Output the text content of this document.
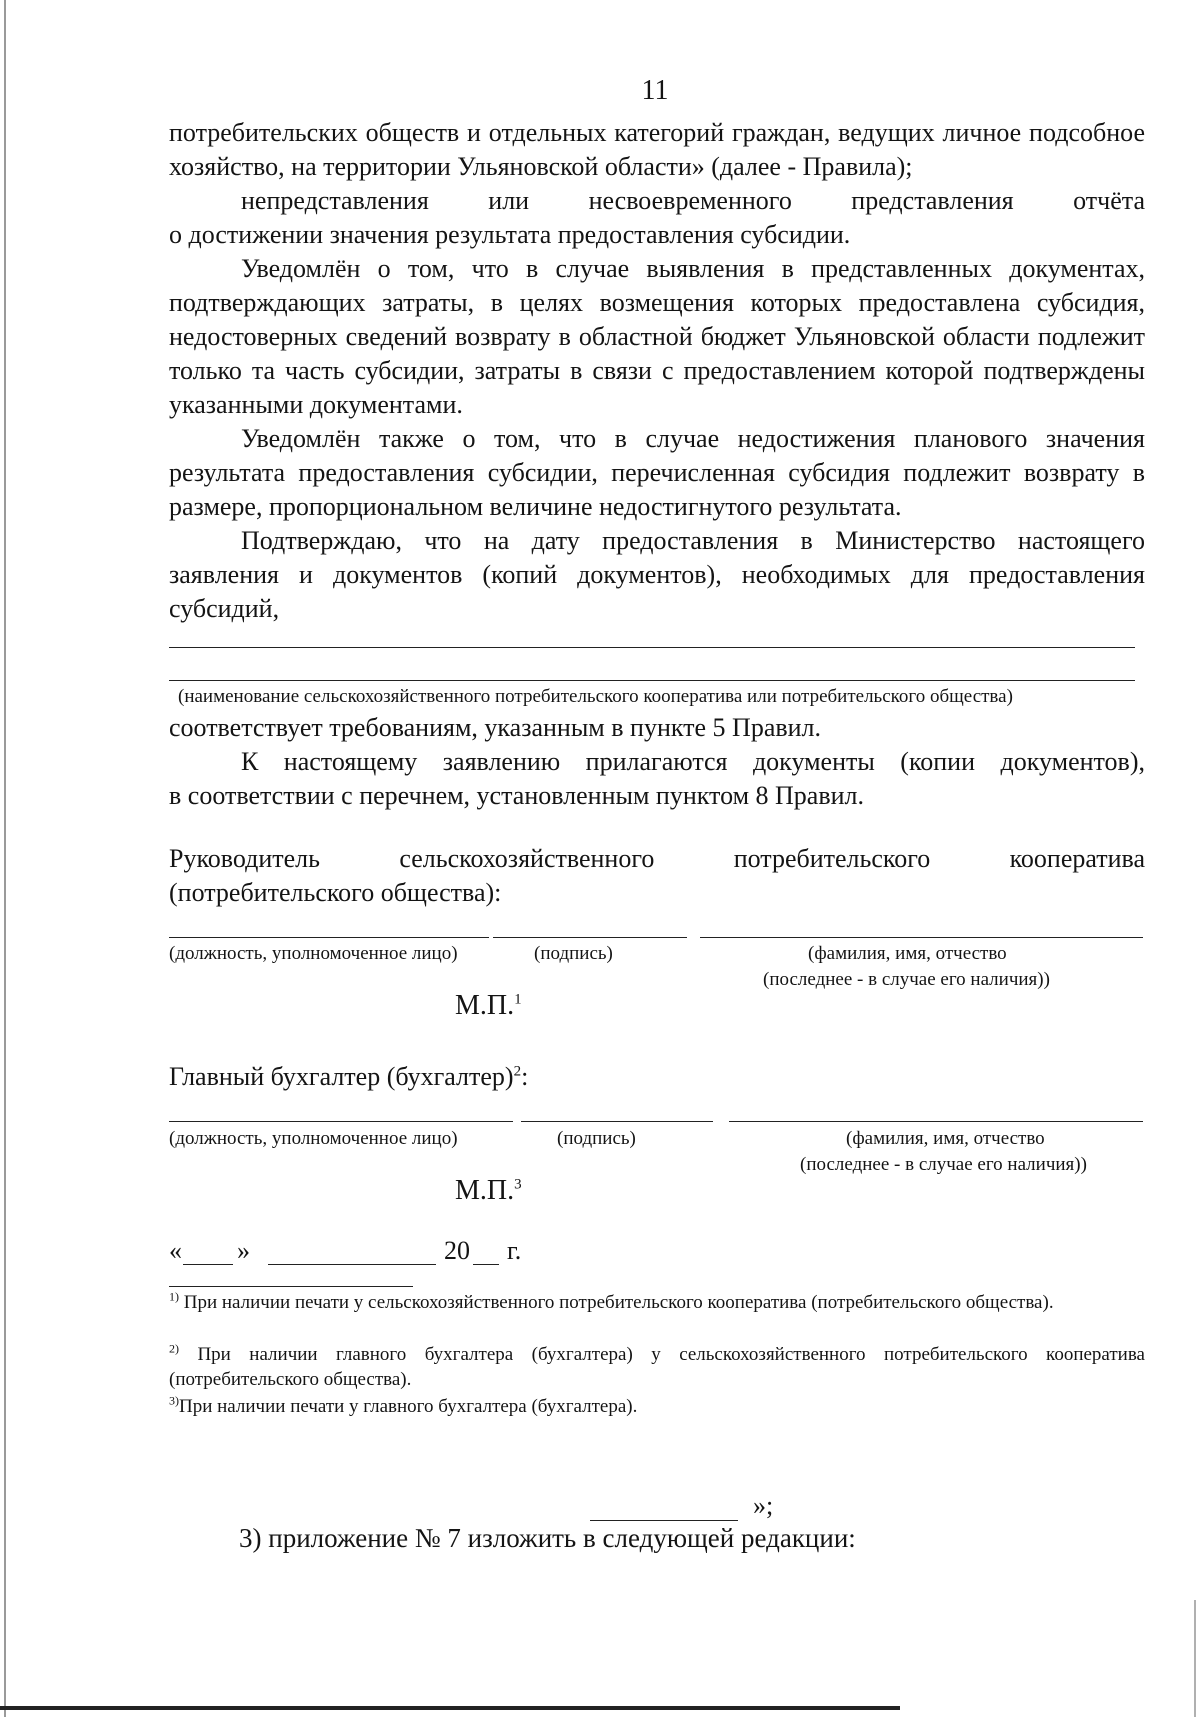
11

потребительских обществ и отдельных категорий граждан, ведущих личное подсобное хозяйство, на территории Ульяновской области» (далее - Правила);

непредставления или несвоевременного представления отчёта

о достижении значения результата предоставления субсидии.

Уведомлён о том, что в случае выявления в представленных документах, подтверждающих затраты, в целях возмещения которых предоставлена субсидия, недостоверных сведений возврату в областной бюджет Ульяновской области подлежит только та часть субсидии, затраты в связи с предоставлением которой подтверждены указанными документами.

Уведомлён также о том, что в случае недостижения планового значения результата предоставления субсидии, перечисленная субсидия подлежит возврату в размере, пропорциональном величине недостигнутого результата.

Подтверждаю, что на дату предоставления в Министерство настоящего заявления и документов (копий документов), необходимых для предоставления субсидий,

(наименование сельскохозяйственного потребительского кооператива или потребительского общества)
соответствует требованиям, указанным в пункте 5 Правил.
К настоящему заявлению прилагаются документы (копии документов),
в соответствии с перечнем, установленным пунктом 8 Правил.
Руководитель сельскохозяйственного потребительского кооператива
(потребительского общества):
(должность, уполномоченное лицо)	(подпись)	(фамилия, имя, отчество
(последнее - в случае его наличия))
М.П.$^1$
Главный бухгалтер (бухгалтер)$^2$:
(должность, уполномоченное лицо)	(подпись)	(фамилия, имя, отчество
(последнее - в случае его наличия))
М.П.$^3$
« »	20 г.
$^{1)}$ При наличии печати у сельскохозяйственного потребительского кооператива (потребительского общества).
$^{2)}$ При наличии главного бухгалтера (бухгалтера) у сельскохозяйственного потребительского кооператива (потребительского общества).
$^{3)}$При наличии печати у главного бухгалтера (бухгалтера).
»;
3) приложение № 7 изложить в следующей редакции:
